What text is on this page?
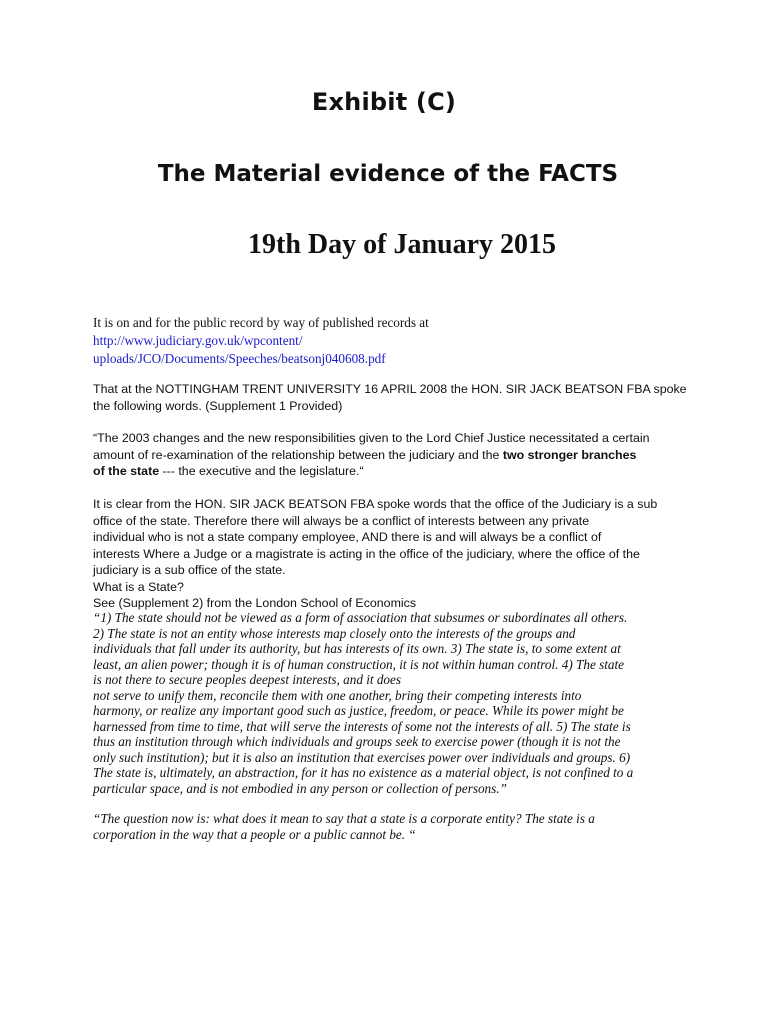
Exhibit (C)
The Material evidence of the FACTS
19th Day of January 2015

It is on and for the public record by way of published records at

http://www.judiciary.gov.uk/wpcontent/

uploads/JCO/Documents/Speeches/beatsonj040608.pdf

That at the NOTTINGHAM TRENT UNIVERSITY 16 APRIL 2008 the HON. SIR JACK BEATSON FBA spoke

the following words. (Supplement 1 Provided)

“The 2003 changes and the new responsibilities given to the Lord Chief Justice necessitated a certain

amount of re-examination of the relationship between the judiciary and the two stronger branches

of the state --- the executive and the legislature.“

It is clear from the HON. SIR JACK BEATSON FBA spoke words that the office of the Judiciary is a sub

office of the state. Therefore there will always be a conflict of interests between any private

individual who is not a state company employee, AND there is and will always be a conflict of

interests Where a Judge or a magistrate is acting in the office of the judiciary, where the office of the

judiciary is a sub office of the state.

What is a State?

See (Supplement 2) from the London School of Economics

“1) The state should not be viewed as a form of association that subsumes or subordinates all others.

2) The state is not an entity whose interests map closely onto the interests of the groups and

individuals that fall under its authority, but has interests of its own. 3) The state is, to some extent at

least, an alien power; though it is of human construction, it is not within human control. 4) The state

is not there to secure peoples deepest interests, and it does

not serve to unify them, reconcile them with one another, bring their competing interests into

harmony, or realize any important good such as justice, freedom, or peace. While its power might be

harnessed from time to time, that will serve the interests of some not the interests of all. 5) The state is

thus an institution through which individuals and groups seek to exercise power (though it is not the

only such institution); but it is also an institution that exercises power over individuals and groups. 6)

The state is, ultimately, an abstraction, for it has no existence as a material object, is not confined to a

particular space, and is not embodied in any person or collection of persons.”

“The question now is: what does it mean to say that a state is a corporate entity? The state is a

corporation in the way that a people or a public cannot be. “
